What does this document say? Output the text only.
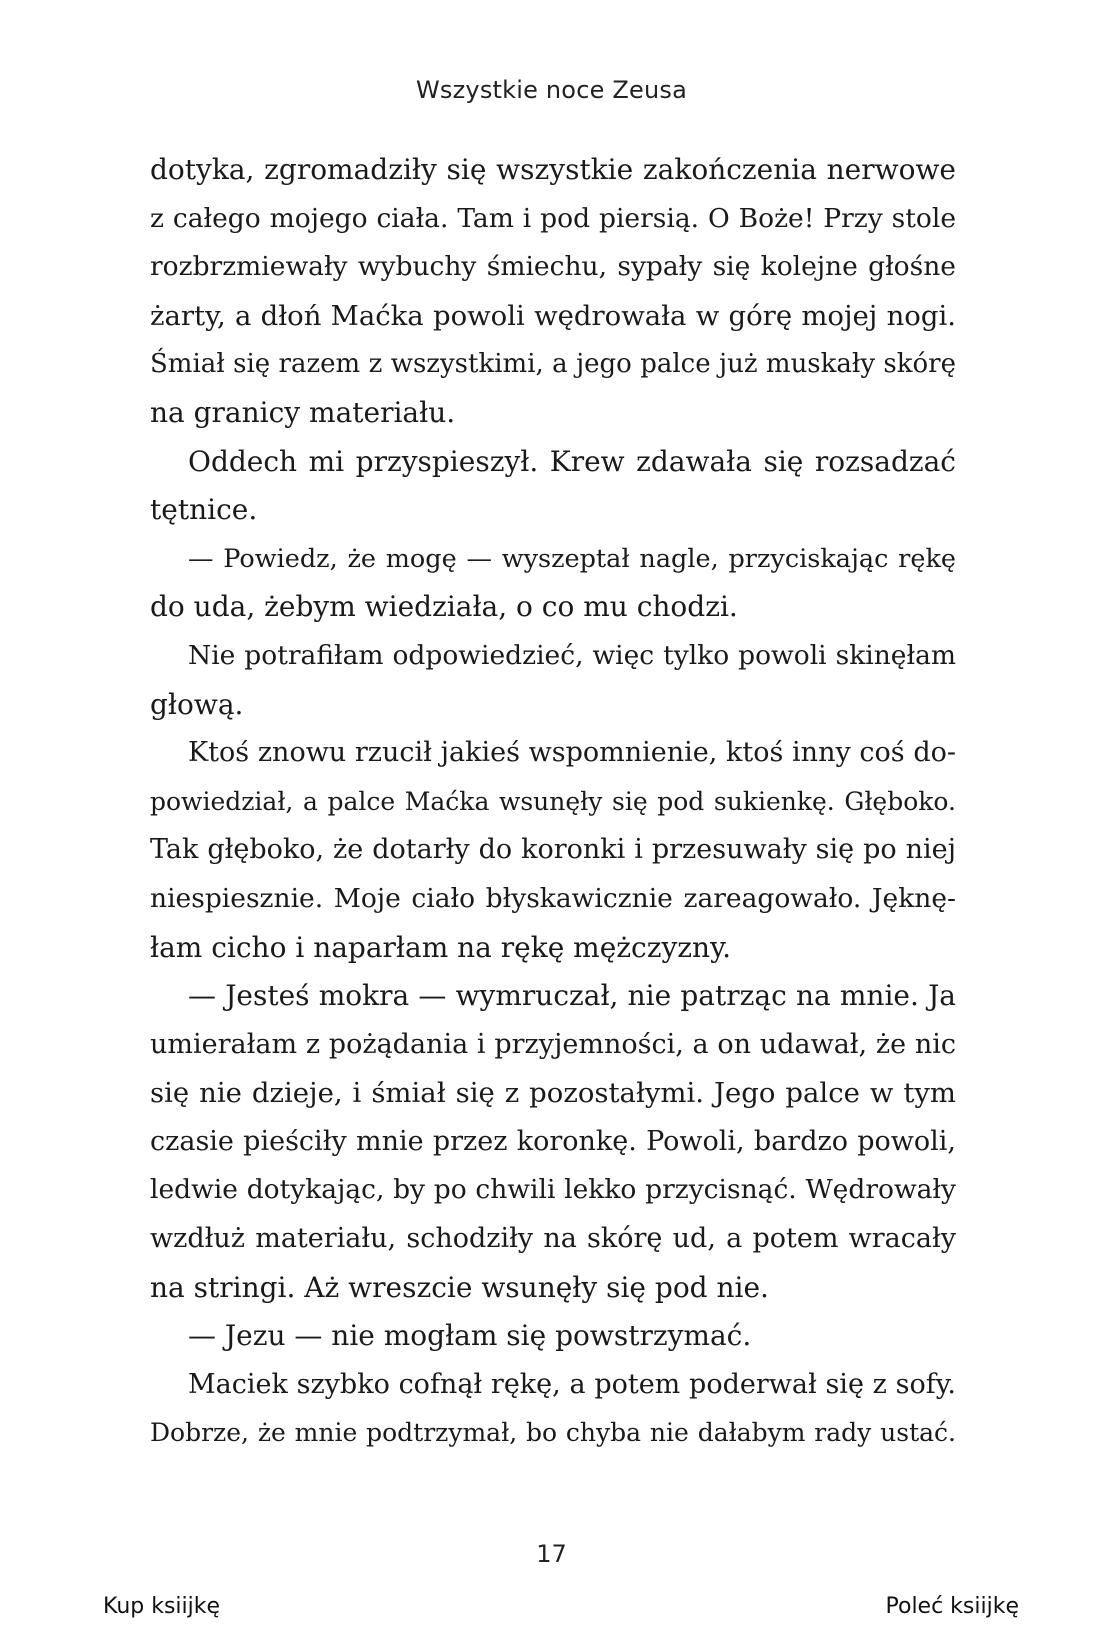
Wszystkie noce Zeusa
dotyka, zgromadziły się wszystkie zakończenia nerwowe
z całego mojego ciała. Tam i pod piersią. O Boże! Przy stole
rozbrzmiewały wybuchy śmiechu, sypały się kolejne głośne
żarty, a dłoń Maćka powoli wędrowała w górę mojej nogi.
Śmiał się razem z wszystkimi, a jego palce już muskały skórę
na granicy materiału.
Oddech mi przyspieszył. Krew zdawała się rozsadzać
tętnice.
— Powiedz, że mogę — wyszeptał nagle, przyciskając rękę
do uda, żebym wiedziała, o co mu chodzi.
Nie potrafiłam odpowiedzieć, więc tylko powoli skinęłam
głową.
Ktoś znowu rzucił jakieś wspomnienie, ktoś inny coś do-
powiedział, a palce Maćka wsunęły się pod sukienkę. Głęboko.
Tak głęboko, że dotarły do koronki i przesuwały się po niej
niespiesznie. Moje ciało błyskawicznie zareagowało. Jęknę-
łam cicho i naparłam na rękę mężczyzny.
— Jesteś mokra — wymruczał, nie patrząc na mnie. Ja
umierałam z pożądania i przyjemności, a on udawał, że nic
się nie dzieje, i śmiał się z pozostałymi. Jego palce w tym
czasie pieściły mnie przez koronkę. Powoli, bardzo powoli,
ledwie dotykając, by po chwili lekko przycisnąć. Wędrowały
wzdłuż materiału, schodziły na skórę ud, a potem wracały
na stringi. Aż wreszcie wsunęły się pod nie.
— Jezu — nie mogłam się powstrzymać.
Maciek szybko cofnął rękę, a potem poderwał się z sofy.
Dobrze, że mnie podtrzymał, bo chyba nie dałabym rady ustać.
17
Kup ksiĳkę	Poleć ksiĳkę
